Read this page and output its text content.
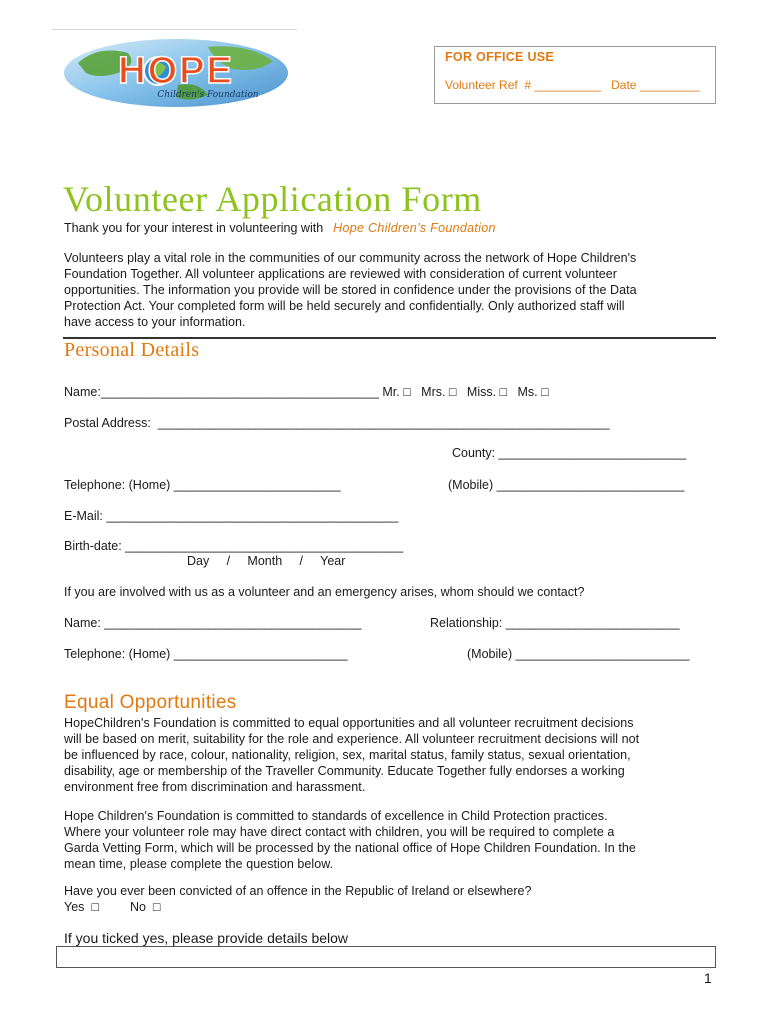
HOPE
Children's Foundation
FOR OFFICE USE
Volunteer Ref  # __________   Date _________
Volunteer Application Form
Thank you for your interest in volunteering with Hope Children’s Foundation
Volunteers play a vital role in the communities of our community across the network of Hope Children's
Foundation Together. All volunteer applications are reviewed with consideration of current volunteer
opportunities. The information you provide will be stored in confidence under the provisions of the Data
Protection Act. Your completed form will be held securely and confidentially. Only authorized staff will
have access to your information.
Personal Details
Name:________________________________________ Mr. □   Mrs. □   Miss. □   Ms. □
Postal Address:  _________________________________________________________________
County: ___________________________
Telephone: (Home) ________________________	(Mobile) ___________________________
E-Mail: __________________________________________
Birth-date: ________________________________________
Day     /     Month     /     Year
If you are involved with us as a volunteer and an emergency arises, whom should we contact?
Name: _____________________________________	Relationship: _________________________
Telephone: (Home) _________________________	(Mobile) _________________________
Equal Opportunities
HopeChildren's Foundation is committed to equal opportunities and all volunteer recruitment decisions
will be based on merit, suitability for the role and experience. All volunteer recruitment decisions will not
be influenced by race, colour, nationality, religion, sex, marital status, family status, sexual orientation,
disability, age or membership of the Traveller Community. Educate Together fully endorses a working
environment free from discrimination and harassment.
Hope Children's Foundation is committed to standards of excellence in Child Protection practices.
Where your volunteer role may have direct contact with children, you will be required to complete a
Garda Vetting Form, which will be processed by the national office of Hope Children Foundation. In the
mean time, please complete the question below.
Have you ever been convicted of an offence in the Republic of Ireland or elsewhere?
Yes  □ No  □
If you ticked yes, please provide details below
1
